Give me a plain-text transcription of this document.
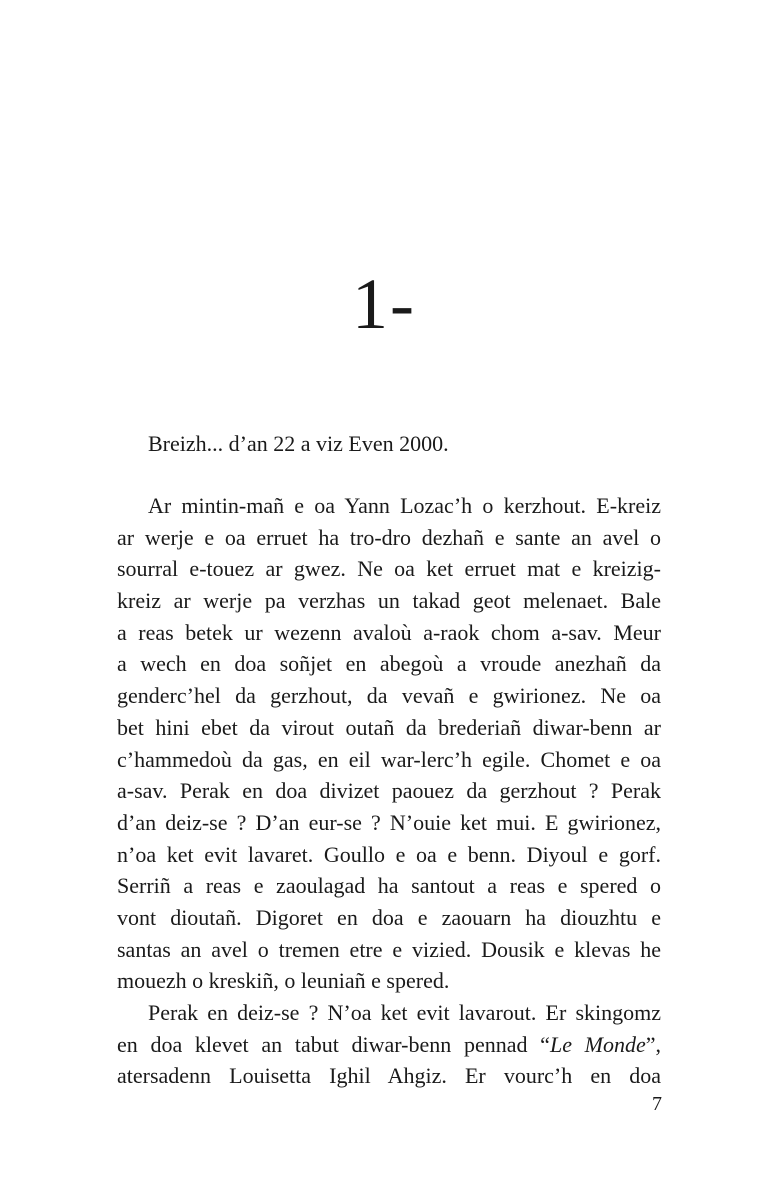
1-

Breizh... d’an 22 a viz Even 2000.

Ar mintin-mañ e oa Yann Lozac’h o kerzhout. E-kreiz
ar werje e oa erruet ha tro-dro dezhañ e sante an avel o
sourral e-touez ar gwez. Ne oa ket erruet mat e kreizig-
kreiz ar werje pa verzhas un takad geot melenaet. Bale
a reas betek ur wezenn avaloù a-raok chom a-sav. Meur
a wech en doa soñjet en abegoù a vroude anezhañ da
genderc’hel da gerzhout, da vevañ e gwirionez. Ne oa
bet hini ebet da virout outañ da brederiañ diwar-benn ar
c’hammedoù da gas, en eil war-lerc’h egile. Chomet e oa
a-sav. Perak en doa divizet paouez da gerzhout ? Perak
d’an deiz-se ? D’an eur-se ? N’ouie ket mui. E gwirionez,
n’oa ket evit lavaret. Goullo e oa e benn. Diyoul e gorf.
Serriñ a reas e zaoulagad ha santout a reas e spered o
vont dioutañ. Digoret en doa e zaouarn ha diouzhtu e
santas an avel o tremen etre e vizied. Dousik e klevas he
mouezh o kreskiñ, o leuniañ e spered.
Perak en deiz-se ? N’oa ket evit lavarout. Er skingomz
en doa klevet an tabut diwar-benn pennad “Le Monde”,
atersadenn Louisetta Ighil Ahgiz. Er vourc’h en doa
7
